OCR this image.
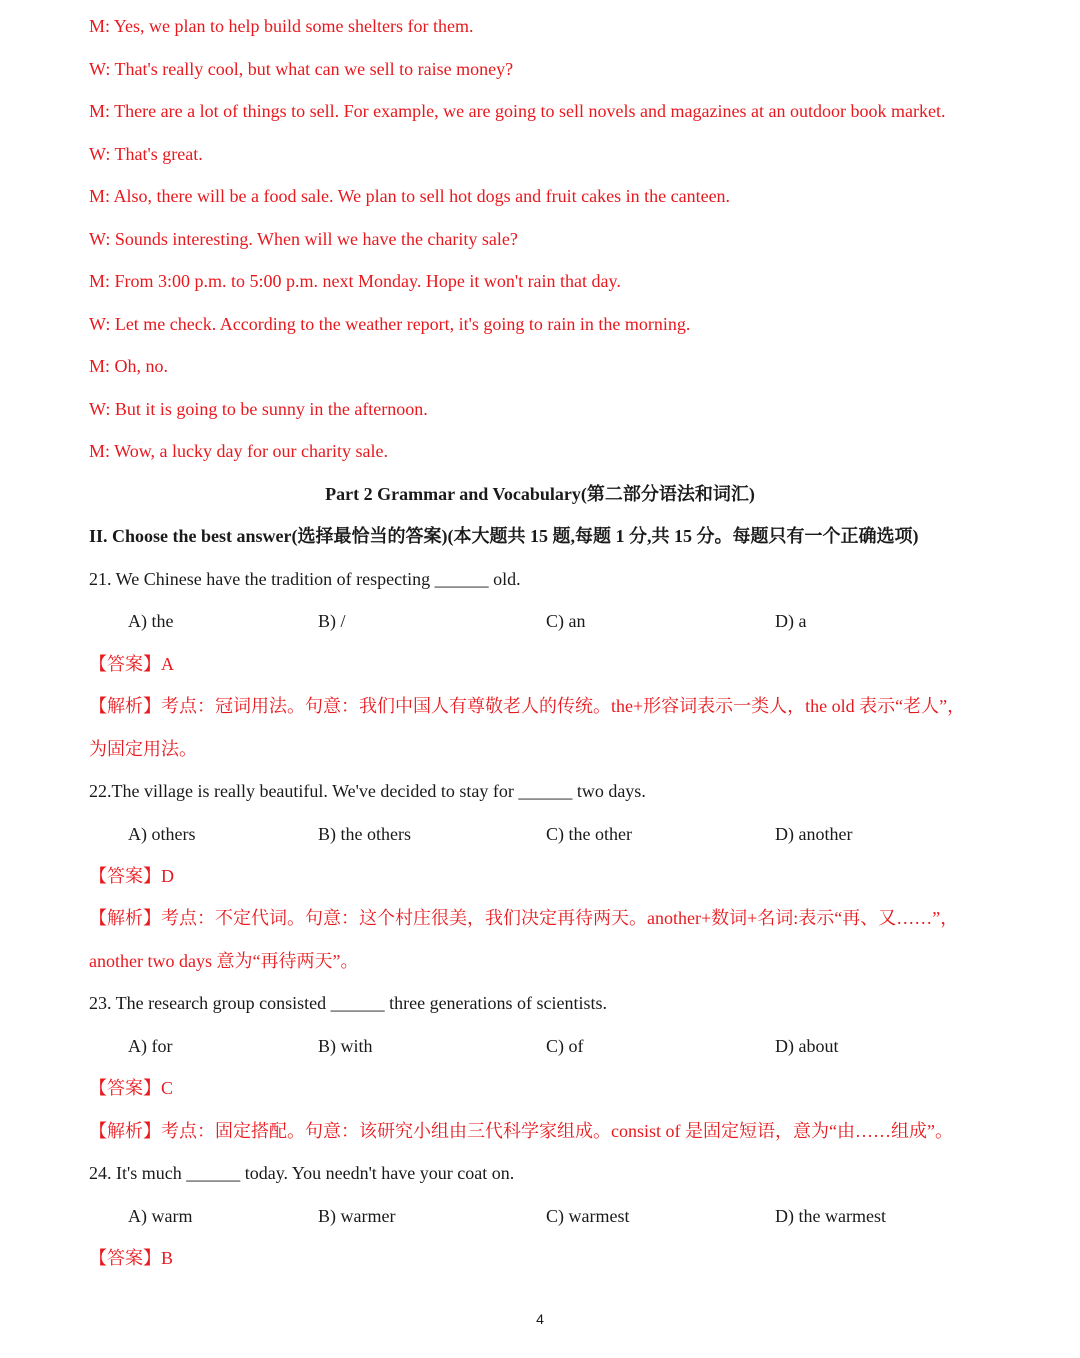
M: Yes, we plan to help build some shelters for them.
W: That's really cool, but what can we sell to raise money?
M: There are a lot of things to sell. For example, we are going to sell novels and magazines at an outdoor book market.
W: That's great.
M: Also, there will be a food sale. We plan to sell hot dogs and fruit cakes in the canteen.
W: Sounds interesting. When will we have the charity sale?
M: From 3:00 p.m. to 5:00 p.m. next Monday. Hope it won't rain that day.
W: Let me check. According to the weather report, it's going to rain in the morning.
M: Oh, no.
W: But it is going to be sunny in the afternoon.
M: Wow, a lucky day for our charity sale.
Part 2 Grammar and Vocabulary(第二部分语法和词汇)
II. Choose the best answer(选择最恰当的答案)(本大题共 15 题,每题 1 分,共 15 分。每题只有一个正确选项)
21. We Chinese have the tradition of respecting ______ old.
A) the	B) /	C) an	D) a
【答案】A
【解析】考点：冠词用法。句意：我们中国人有尊敬老人的传统。the+形容词表示一类人，the old 表示“老人”，
为固定用法。
22.The village is really beautiful. We've decided to stay for ______ two days.
A) others	B) the others	C) the other	D) another
【答案】D
【解析】考点：不定代词。句意：这个村庄很美，我们决定再待两天。another+数词+名词:表示“再、又……”，
another two days 意为“再待两天”。
23. The research group consisted ______ three generations of scientists.
A) for	B) with	C) of	D) about
【答案】C
【解析】考点：固定搭配。句意：该研究小组由三代科学家组成。consist of 是固定短语，意为“由……组成”。
24. It's much ______ today. You needn't have your coat on.
A) warm	B) warmer	C) warmest	D) the warmest
【答案】B
4
